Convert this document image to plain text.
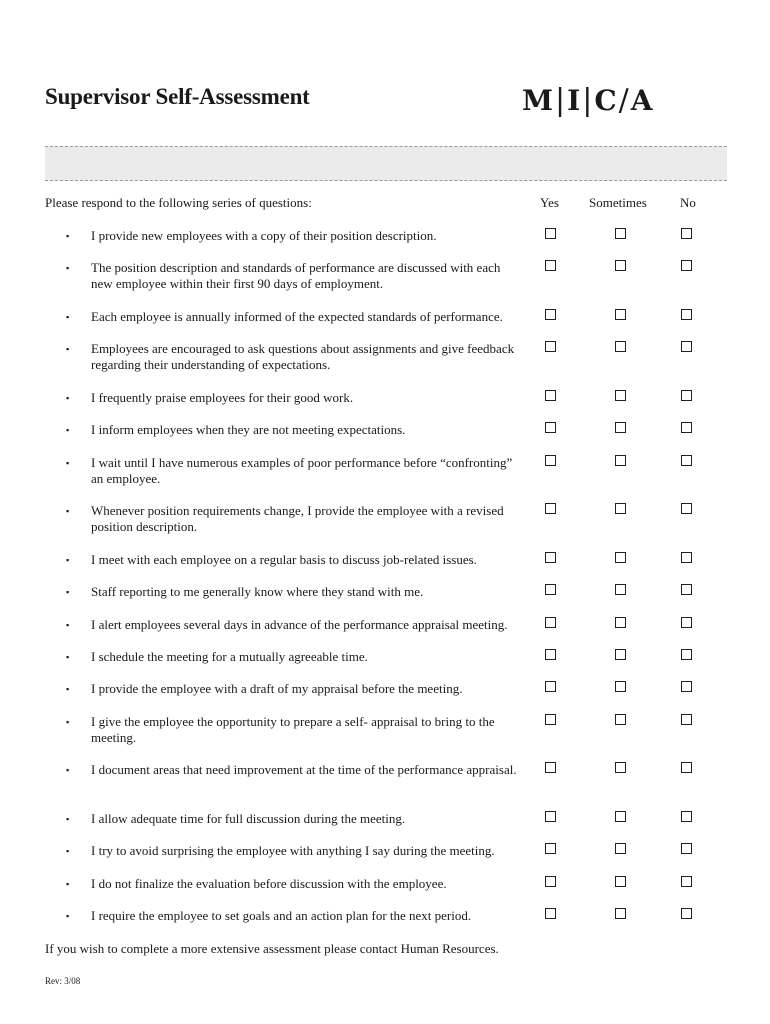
Supervisor Self-Assessment	M|I|C/A
Please respond to the following series of questions:	Yes Sometimes	No
▪ I provide new employees with a copy of their position description.
▪ The position description and standards of performance are discussed with each new employee within their first 90 days of employment.
▪ Each employee is annually informed of the expected standards of performance.
▪ Employees are encouraged to ask questions about assignments and give feedback regarding their understanding of expectations.
▪ I frequently praise employees for their good work.
▪ I inform employees when they are not meeting expectations.
▪ I wait until I have numerous examples of poor performance before “confronting” an employee.
▪ Whenever position requirements change, I provide the employee with a revised position description.
▪ I meet with each employee on a regular basis to discuss job-related issues.
▪ Staff reporting to me generally know where they stand with me.
▪ I alert employees several days in advance of the performance appraisal meeting.
▪ I schedule the meeting for a mutually agreeable time.
▪ I provide the employee with a draft of my appraisal before the meeting.
▪ I give the employee the opportunity to prepare a self- appraisal to bring to the meeting.
▪ I document areas that need improvement at the time of the performance appraisal.
▪ I allow adequate time for full discussion during the meeting.
▪ I try to avoid surprising the employee with anything I say during the meeting.
▪ I do not finalize the evaluation before discussion with the employee.
▪ I require the employee to set goals and an action plan for the next period.
If you wish to complete a more extensive assessment please contact Human Resources.
Rev: 3/08
